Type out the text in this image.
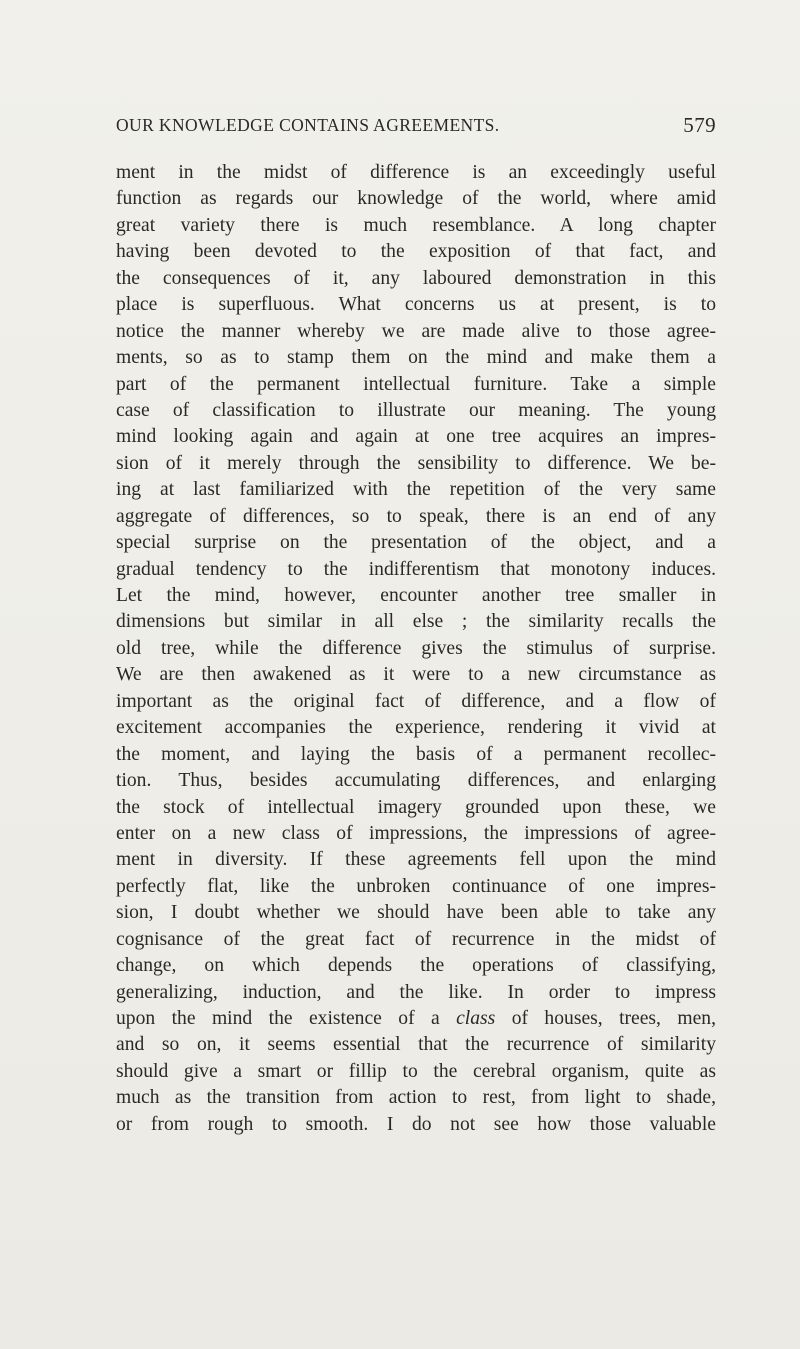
OUR KNOWLEDGE CONTAINS AGREEMENTS.	579
ment in the midst of difference is an exceedingly useful
function as regards our knowledge of the world, where amid
great variety there is much resemblance. A long chapter
having been devoted to the exposition of that fact, and
the consequences of it, any laboured demonstration in this
place is superfluous. What concerns us at present, is to
notice the manner whereby we are made alive to those agree-
ments, so as to stamp them on the mind and make them a
part of the permanent intellectual furniture. Take a simple
case of classification to illustrate our meaning. The young
mind looking again and again at one tree acquires an impres-
sion of it merely through the sensibility to difference. We be-
ing at last familiarized with the repetition of the very same
aggregate of differences, so to speak, there is an end of any
special surprise on the presentation of the object, and a
gradual tendency to the indifferentism that monotony induces.
Let the mind, however, encounter another tree smaller in
dimensions but similar in all else ; the similarity recalls the
old tree, while the difference gives the stimulus of surprise.
We are then awakened as it were to a new circumstance as
important as the original fact of difference, and a flow of
excitement accompanies the experience, rendering it vivid at
the moment, and laying the basis of a permanent recollec-
tion. Thus, besides accumulating differences, and enlarging
the stock of intellectual imagery grounded upon these, we
enter on a new class of impressions, the impressions of agree-
ment in diversity. If these agreements fell upon the mind
perfectly flat, like the unbroken continuance of one impres-
sion, I doubt whether we should have been able to take any
cognisance of the great fact of recurrence in the midst of
change, on which depends the operations of classifying,
generalizing, induction, and the like. In order to impress
upon the mind the existence of a class of houses, trees, men,
and so on, it seems essential that the recurrence of similarity
should give a smart or fillip to the cerebral organism, quite as
much as the transition from action to rest, from light to shade,
or from rough to smooth. I do not see how those valuable
